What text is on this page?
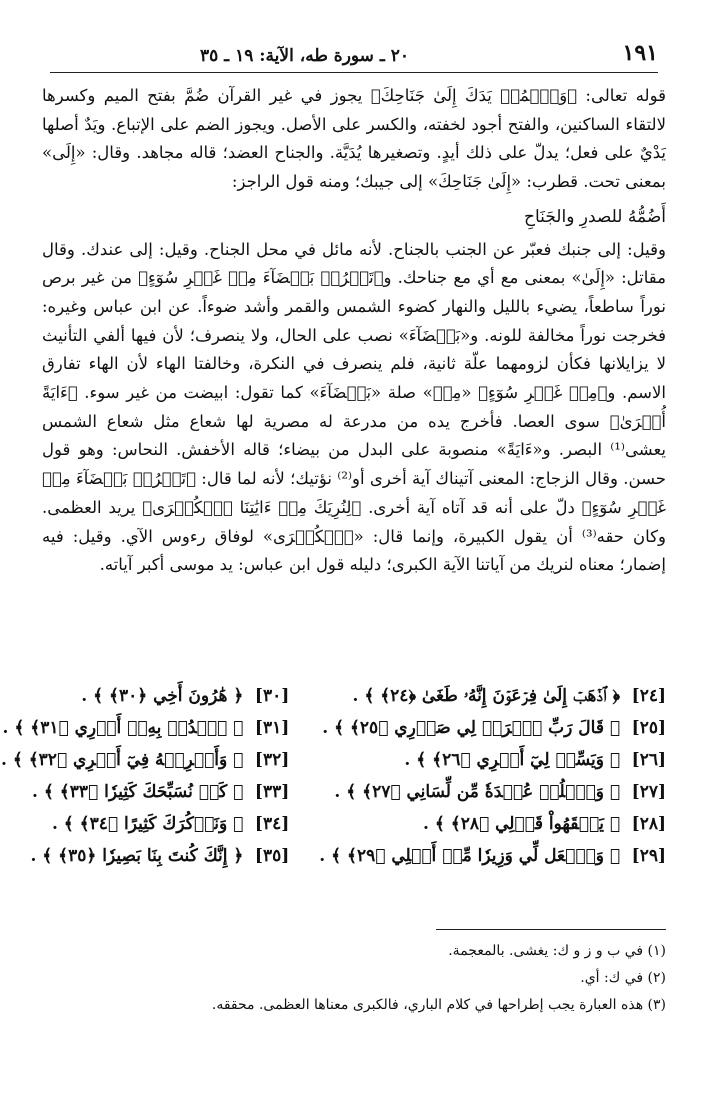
١٩١
٢٠ ـ سورة طه، الآية: ١٩ ـ ٣٥

قوله تعالى: ﴿وَٱضۡمُمۡ يَدَكَ إِلَىٰ جَنَاحِكَ﴾ يجوز في غير القرآن ضُمَّ بفتح الميم وكسرها لالتقاء الساكنين، والفتح أجود لخفته، والكسر على الأصل. ويجوز الضم على الإتباع. ويَدٌ أصلها يَدْيٌ على فعل؛ يدلّ على ذلك أيدٍ. وتصغيرها يُدَيَّة. والجناح العضد؛ قاله مجاهد. وقال: «إِلَى» بمعنى تحت. قطرب: «إِلَىٰ جَنَاحِكَ» إلى جيبك؛ ومنه قول الراجز:

أَضُمُّهُ للصدرِ والجَنَاحِ

وقيل: إلى جنبك فعبّر عن الجنب بالجناح. لأنه مائل في محل الجناح. وقيل: إلى عندك. وقال مقاتل: «إِلَىٰ» بمعنى مع أي مع جناحك. و﴿تَخۡرُجۡ بَيۡضَآءَ مِنۡ غَيۡرِ سُوٓءٍ﴾ من غير برص نوراً ساطعاً، يضيء بالليل والنهار كضوء الشمس والقمر وأشد ضوءاً. عن ابن عباس وغيره: فخرجت نوراً مخالفة للونه. و«بَيۡضَآءَ» نصب على الحال، ولا ينصرف؛ لأن فيها ألفي التأنيث لا يزايلانها فكأن لزومهما علّة ثانية، فلم ينصرف في النكرة، وخالفتا الهاء لأن الهاء تفارق الاسم. و﴿مِنۡ غَيۡرِ سُوٓءٍ﴾ «مِنۡ» صلة «بَيۡضَآءَ» كما تقول: ابيضت من غير سوء. ﴿ءَايَةً أُخۡرَىٰ﴾ سوى العصا. فأخرج يده من مدرعة له مصرية لها شعاع مثل شعاع الشمس يعشى⁽¹⁾ البصر. و«ءَايَةً» منصوبة على البدل من بيضاء؛ قاله الأخفش. النحاس: وهو قول حسن. وقال الزجاج: المعنى آتيناك آية أخرى أو⁽²⁾ نؤتيك؛ لأنه لما قال: ﴿تَخۡرُجۡ بَيۡضَآءَ مِنۡ غَيۡرِ سُوٓءٍ﴾ دلّ على أنه قد آتاه آية أخرى. ﴿لِنُرِيَكَ مِنۡ ءَايَٰتِنَا ٱلۡكُبۡرَى﴾ يريد العظمى. وكان حقه⁽³⁾ أن يقول الكبيرة، وإنما قال: «ٱلۡكُبۡرَى» لوفاق رءوس الآي. وقيل: فيه إضمار؛ معناه لنريك من آياتنا الآية الكبرى؛ دليله قول ابن عباس: يد موسى أكبر آياته.

[٢٤] ﴿ ٱذۡهَبۡ إِلَىٰ فِرۡعَوۡنَ إِنَّهُۥ طَغَىٰ ﴿٢٤﴾ ﴾ .
[٣٠] ﴿ هَٰرُونَ أَخِي ﴿٣٠﴾ ﴾ .
[٢٥] ﴿ قَالَ رَبِّ ٱشۡرَحۡ لِي صَدۡرِي ﴿٢٥﴾ ﴾ .
[٣١] ﴿ ٱشۡدُدۡ بِهِۦٓ أَزۡرِي ﴿٣١﴾ ﴾ .
[٢٦] ﴿ وَيَسِّرۡ لِيٓ أَمۡرِي ﴿٢٦﴾ ﴾ .
[٣٢] ﴿ وَأَشۡرِكۡهُ فِيٓ أَمۡرِي ﴿٣٢﴾ ﴾ .
[٢٧] ﴿ وَٱحۡلُلۡ عُقۡدَةٗ مِّن لِّسَانِي ﴿٢٧﴾ ﴾ .
[٣٣] ﴿ كَيۡ نُسَبِّحَكَ كَثِيرٗا ﴿٣٣﴾ ﴾ .
[٢٨] ﴿ يَفۡقَهُواْ قَوۡلِي ﴿٢٨﴾ ﴾ .
[٣٤] ﴿ وَنَذۡكُرَكَ كَثِيرًا ﴿٣٤﴾ ﴾ .
[٢٩] ﴿ وَٱجۡعَل لِّي وَزِيرٗا مِّنۡ أَهۡلِي ﴿٢٩﴾ ﴾ .
[٣٥] ﴿ إِنَّكَ كُنتَ بِنَا بَصِيرٗا ﴿٣٥﴾ ﴾ .

(١) في ب و ز و ك: يغشى. بالمعجمة.

(٢) في ك: أي.

(٣) هذه العبارة يجب إطراحها في كلام الباري، فالكبرى معناها العظمى. محققه.
